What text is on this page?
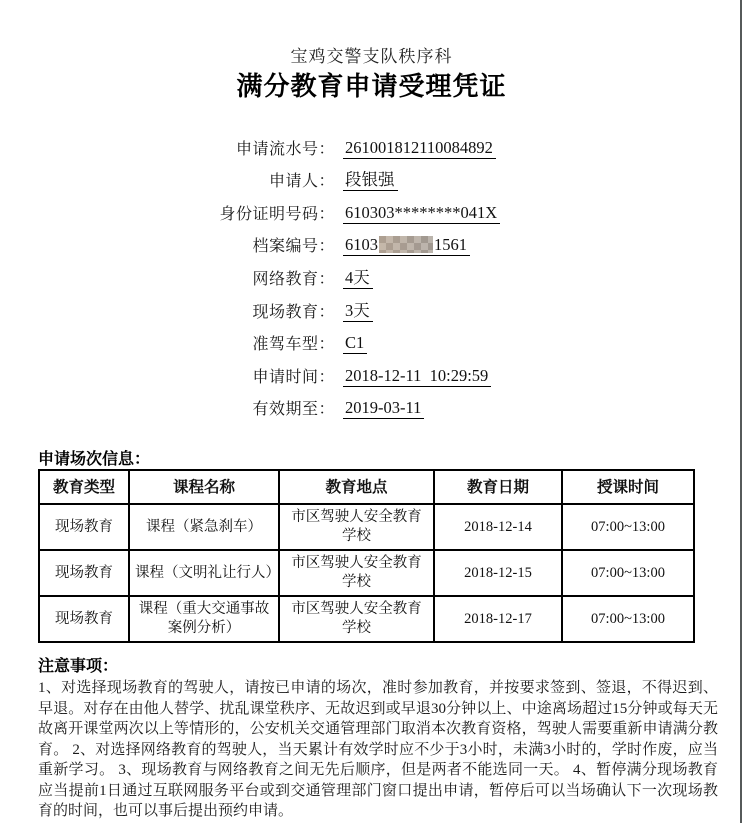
宝鸡交警支队秩序科
满分教育申请受理凭证
申请流水号： 261001812110084892
申请人： 段银强
身份证明号码： 610303********041X
档案编号： 6103	1561
网络教育： 4天
现场教育： 3天
准驾车型： C1
申请时间： 2018-12-11  10:29:59
有效期至： 2019-03-11
申请场次信息：
教育类型	课程名称	教育地点	教育日期	授课时间
现场教育	课程（紧急刹车）	市区驾驶人安全教育学校	2018-12-14	07:00~13:00
现场教育	课程（文明礼让行人）	市区驾驶人安全教育学校	2018-12-15	07:00~13:00
现场教育	课程（重大交通事故案例分析）	市区驾驶人安全教育学校	2018-12-17	07:00~13:00
注意事项：
1、对选择现场教育的驾驶人，请按已申请的场次，准时参加教育，并按要求签到、签退，不得迟到、早退。对存在由他人替学、扰乱课堂秩序、无故迟到或早退30分钟以上、中途离场超过15分钟或每天无故离开课堂两次以上等情形的，公安机关交通管理部门取消本次教育资格，驾驶人需要重新申请满分教育。 2、对选择网络教育的驾驶人，当天累计有效学时应不少于3小时，未满3小时的，学时作废，应当重新学习。 3、现场教育与网络教育之间无先后顺序，但是两者不能选同一天。 4、暂停满分现场教育应当提前1日通过互联网服务平台或到交通管理部门窗口提出申请，暂停后可以当场确认下一次现场教育的时间，也可以事后提出预约申请。
